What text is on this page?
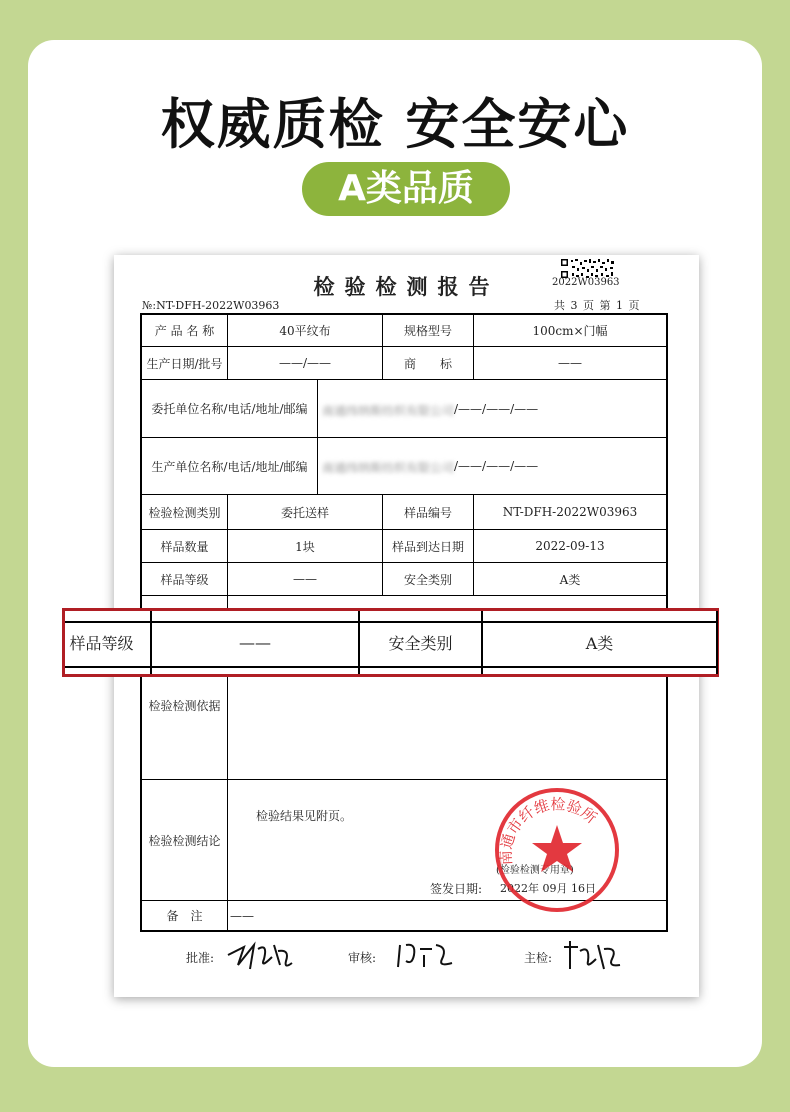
权威质检 安全安心
A类品质
检验检测报告	2022W03963
№:NT-DFH-2022W03963	共 3 页 第 1 页
产 品 名 称	40平纹布	规格型号	100cm×门幅
生产日期/批号	——/——	商　　标	——
委托单位名称/电话/地址/邮编	南通纬纳斯纺织有限公司 /——/——/——
生产单位名称/电话/地址/邮编	南通纬纳斯纺织有限公司 /——/——/——
检验检测类别	委托送样	样品编号	NT-DFH-2022W03963
样品数量	1块	样品到达日期	2022-09-13
样品等级	——	安全类别	A类
检验检测依据
检验检测结论
检验结果见附页。
(检验检测专用章)
签发日期:	2022年 09月 16日
备　注	——
南通市纤维检验所
批准:	审核:	主检:
样品等级	——	安全类别	A类
